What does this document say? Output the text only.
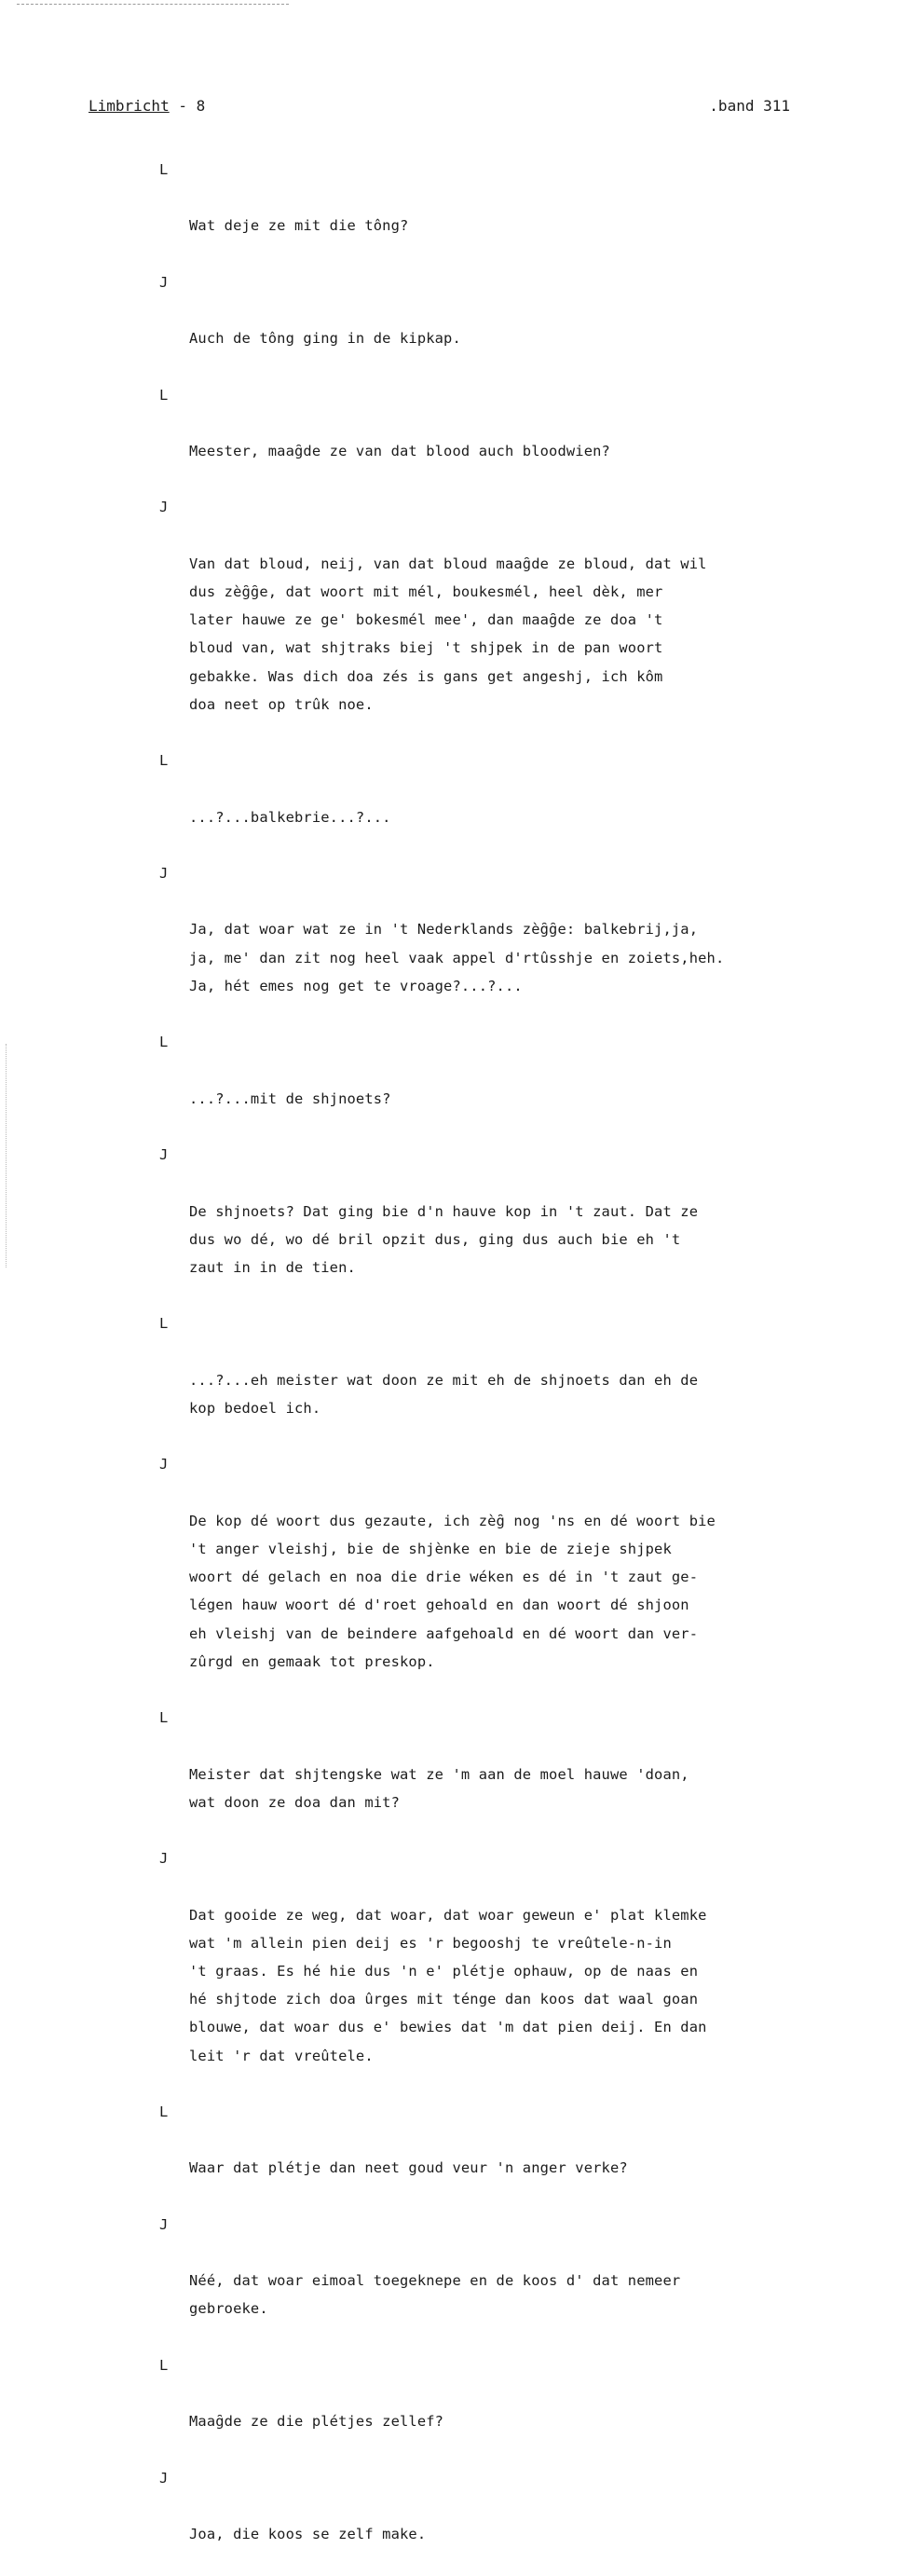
Limbricht - 8	.band 311

L

Wat deje ze mit die tông?

J

Auch de tông ging in de kipkap.

L

Meester, maag̑de ze van dat blood auch bloodwien?

J

Van dat bloud, neij, van dat bloud maag̑de ze bloud, dat wil
dus zèg̑g̑e, dat woort mit mél, boukesmél, heel dèk, mer
later hauwe ze ge' bokesmél mee', dan maag̑de ze doa 't
bloud van, wat shjtraks biej 't shjpek in de pan woort
gebakke. Was dich doa zés is gans get angeshj, ich kôm
doa neet op trûk noe.

L

...?...balkebrie...?...

J

Ja, dat woar wat ze in 't Nederklands zèg̑g̑e: balkebrij,ja,
ja, me' dan zit nog heel vaak appel d'rtûsshje en zoiets,heh.
Ja, hét emes nog get te vroage?...?...

L

...?...mit de shjnoets?

J

De shjnoets? Dat ging bie d'n hauve kop in 't zaut. Dat ze
dus wo dé, wo dé bril opzit dus, ging dus auch bie eh 't
zaut in in de tien.

L

...?...eh meister wat doon ze mit eh de shjnoets dan eh de
kop bedoel ich.

J

De kop dé woort dus gezaute, ich zèg̑ nog 'ns en dé woort bie
't anger vleishj, bie de shjènke en bie de zieje shjpek
woort dé gelach en noa die drie wéken es dé in 't zaut ge-
légen hauw woort dé d'roet gehoald en dan woort dé shjoon
eh vleishj van de beindere aafgehoald en dé woort dan ver-
zûrgd en gemaak tot preskop.

L

Meister dat shjtengske wat ze 'm aan de moel hauwe 'doan,
wat doon ze doa dan mit?

J

Dat gooide ze weg, dat woar, dat woar geweun e' plat klemke
wat 'm allein pien deij es 'r begooshj te vreûtele-n-in
't graas. Es hé hie dus 'n e' plétje ophauw, op de naas en
hé shjtode zich doa ûrges mit ténge dan koos dat waal goan
blouwe, dat woar dus e' bewies dat 'm dat pien deij. En dan
leit 'r dat vreûtele.

L

Waar dat plétje dan neet goud veur 'n anger verke?

J

Néé, dat woar eimoal toegeknepe en de koos d' dat nemeer
gebroeke.

L

Maag̑de ze die plétjes zellef?

J

Joa, die koos se zelf make.
